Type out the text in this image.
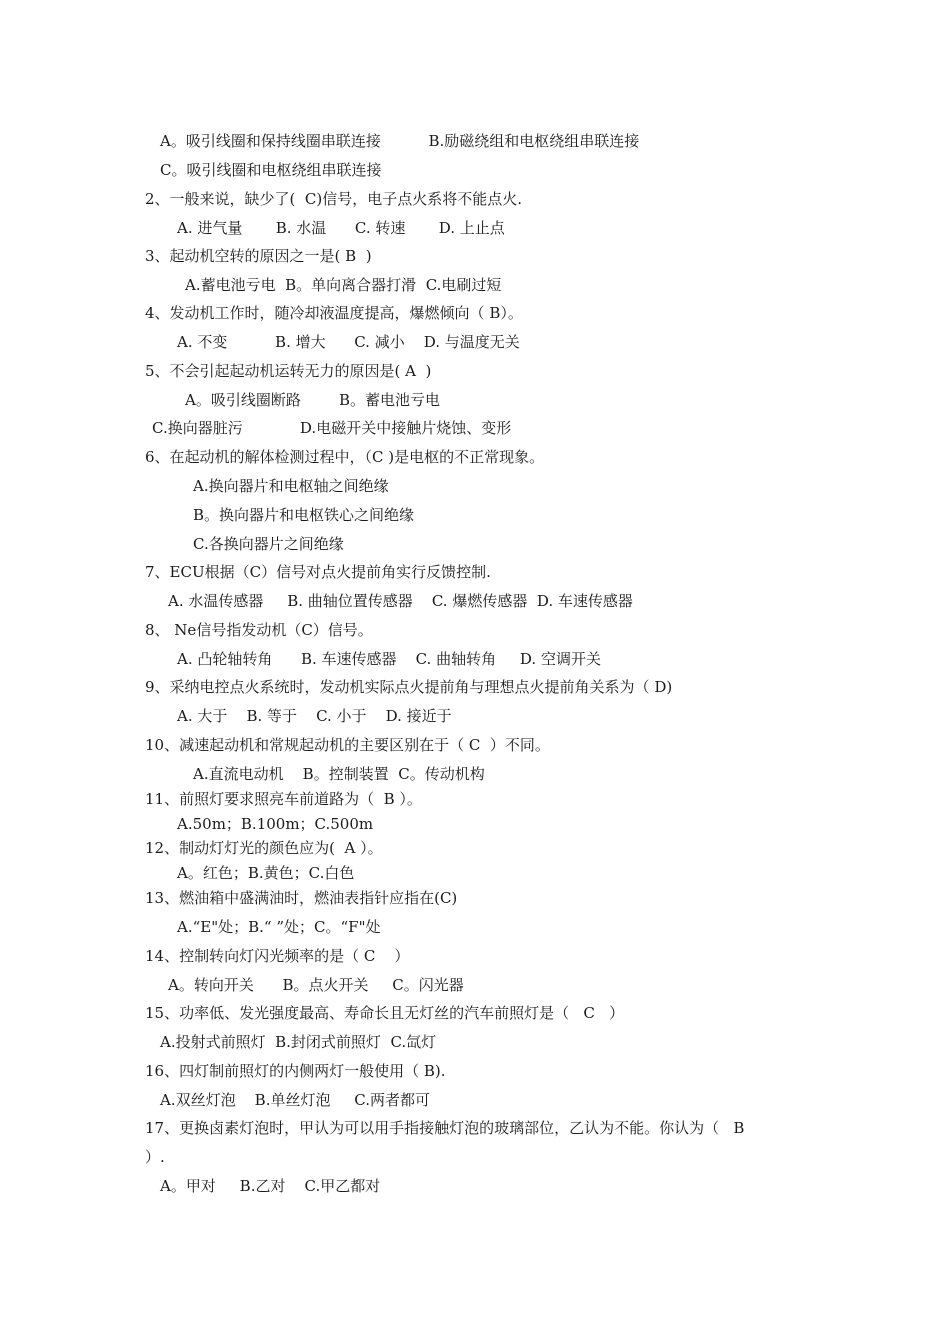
A。吸引线圈和保持线圈串联连接          B.励磁绕组和电枢绕组串联连接
C。吸引线圈和电枢绕组串联连接
2、一般来说，缺少了(  C)信号，电子点火系将不能点火.
A. 进气量       B. 水温      C. 转速       D. 上止点
3、起动机空转的原因之一是( B  )
A.蓄电池亏电  B。单向离合器打滑  C.电刷过短
4、发动机工作时，随冷却液温度提高，爆燃倾向（ B）。
A. 不变          B. 增大      C. 减小    D. 与温度无关
5、不会引起起动机运转无力的原因是( A  )
A。吸引线圈断路        B。蓄电池亏电
C.换向器脏污            D.电磁开关中接触片烧蚀、变形
6、在起动机的解体检测过程中，（C )是电枢的不正常现象。
A.换向器片和电枢轴之间绝缘
B。换向器片和电枢铁心之间绝缘
C.各换向器片之间绝缘
7、ECU根据（C）信号对点火提前角实行反馈控制.
A. 水温传感器     B. 曲轴位置传感器    C. 爆燃传感器  D. 车速传感器
8、 Ne信号指发动机（C）信号。
A. 凸轮轴转角      B. 车速传感器    C. 曲轴转角     D. 空调开关
9、采纳电控点火系统时，发动机实际点火提前角与理想点火提前角关系为（ D)
A. 大于    B. 等于    C. 小于    D. 接近于
10、减速起动机和常规起动机的主要区别在于（ C  ）不同。
A.直流电动机    B。控制装置  C。传动机构
11、前照灯要求照亮车前道路为（  B ）。
A.50m；B.100m；C.500m
12、制动灯灯光的颜色应为(  A ）。
A。红色；B.黄色；C.白色
13、燃油箱中盛满油时，燃油表指针应指在(C)
A.“E"处；B.“ ”处；C。“F"处
14、控制转向灯闪光频率的是（ C    ）
A。转向开关      B。点火开关     C。闪光器
15、功率低、发光强度最高、寿命长且无灯丝的汽车前照灯是（   C   ）
A.投射式前照灯  B.封闭式前照灯  C.氙灯
16、四灯制前照灯的内侧两灯一般使用（ B).
A.双丝灯泡    B.单丝灯泡     C.两者都可
17、更换卤素灯泡时，甲认为可以用手指接触灯泡的玻璃部位，乙认为不能。你认为（   B
）.
A。甲对     B.乙对    C.甲乙都对
